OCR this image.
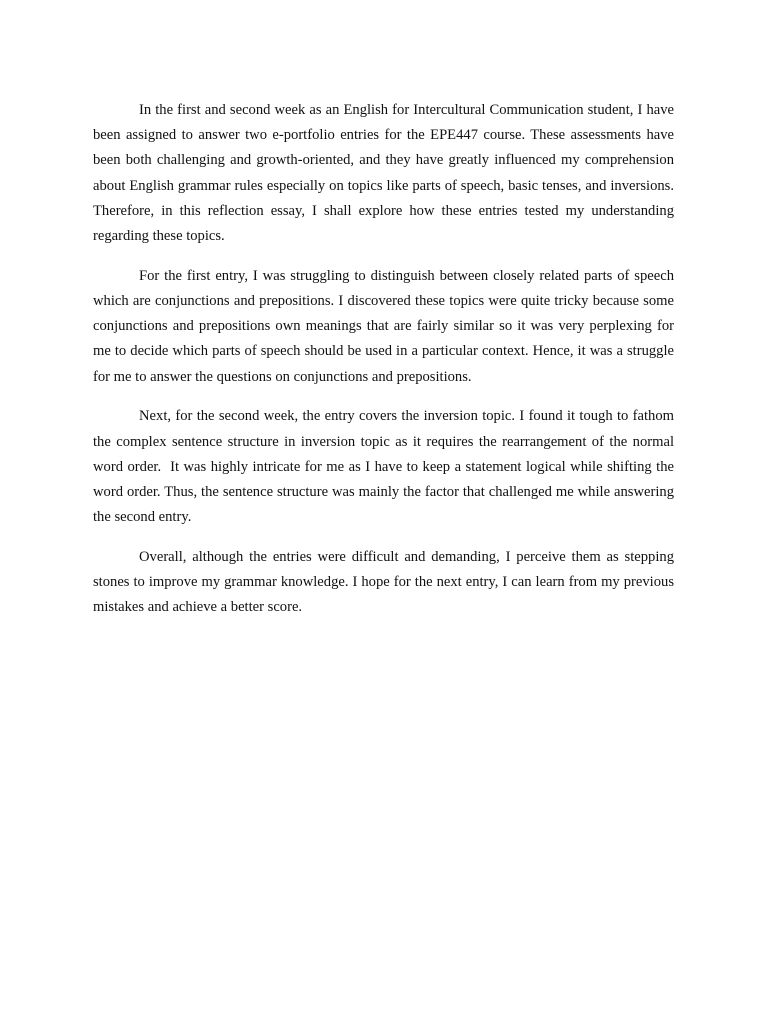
In the first and second week as an English for Intercultural Communication student, I have been assigned to answer two e-portfolio entries for the EPE447 course. These assessments have been both challenging and growth-oriented, and they have greatly influenced my comprehension about English grammar rules especially on topics like parts of speech, basic tenses, and inversions. Therefore, in this reflection essay, I shall explore how these entries tested my understanding regarding these topics.

For the first entry, I was struggling to distinguish between closely related parts of speech which are conjunctions and prepositions. I discovered these topics were quite tricky because some conjunctions and prepositions own meanings that are fairly similar so it was very perplexing for me to decide which parts of speech should be used in a particular context. Hence, it was a struggle for me to answer the questions on conjunctions and prepositions.

Next, for the second week, the entry covers the inversion topic. I found it tough to fathom the complex sentence structure in inversion topic as it requires the rearrangement of the normal word order.  It was highly intricate for me as I have to keep a statement logical while shifting the word order. Thus, the sentence structure was mainly the factor that challenged me while answering the second entry.

Overall, although the entries were difficult and demanding, I perceive them as stepping stones to improve my grammar knowledge. I hope for the next entry, I can learn from my previous mistakes and achieve a better score.
